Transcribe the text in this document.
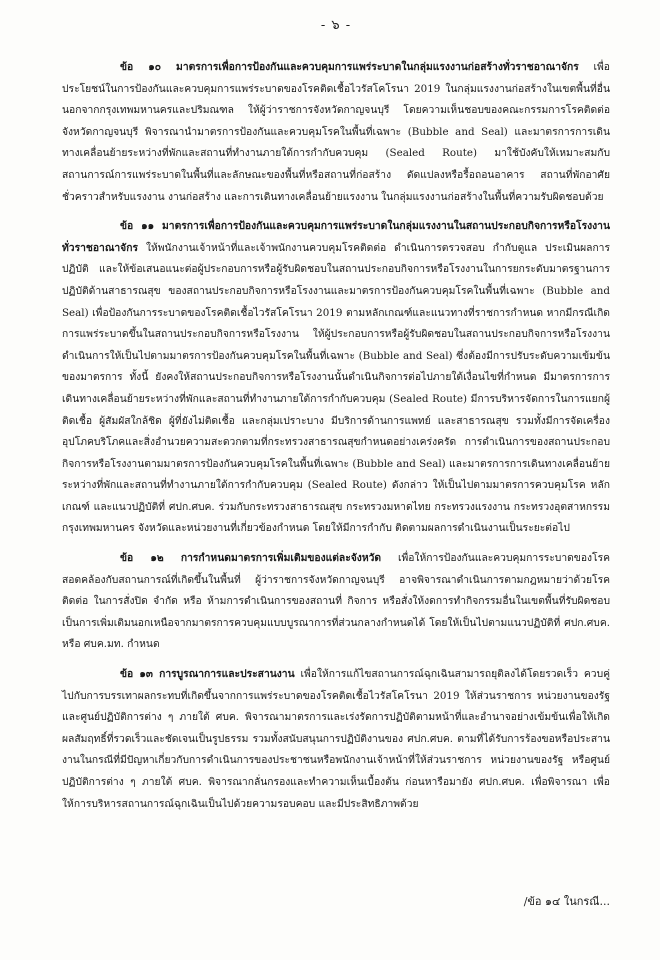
- ๖ -

ข้อ ๑๐ มาตรการเพื่อการป้องกันและควบคุมการแพร่ระบาดในกลุ่มแรงงานก่อสร้างทั่วราชอาณาจักร เพื่อประโยชน์ในการป้องกันและควบคุมการแพร่ระบาดของโรคติดเชื้อไวรัสโคโรนา 2019 ในกลุ่มแรงงานก่อสร้างในเขตพื้นที่อื่นนอกจากกรุงเทพมหานครและปริมณฑล ให้ผู้ว่าราชการจังหวัดกาญจนบุรี โดยความเห็นชอบของคณะกรรมการโรคติดต่อจังหวัดกาญจนบุรี พิจารณานำมาตรการป้องกันและควบคุมโรคในพื้นที่เฉพาะ (Bubble and Seal) และมาตรการการเดินทางเคลื่อนย้ายระหว่างที่พักและสถานที่ทำงานภายใต้การกำกับควบคุม (Sealed Route) มาใช้บังคับให้เหมาะสมกับสถานการณ์การแพร่ระบาดในพื้นที่และลักษณะของพื้นที่หรือสถานที่ก่อสร้าง ดัดแปลงหรือรื้อถอนอาคาร สถานที่พักอาศัยชั่วคราวสำหรับแรงงาน งานก่อสร้าง และการเดินทางเคลื่อนย้ายแรงงาน ในกลุ่มแรงงานก่อสร้างในพื้นที่ความรับผิดชอบด้วย

ข้อ ๑๑ มาตรการเพื่อการป้องกันและควบคุมการแพร่ระบาดในกลุ่มแรงงานในสถานประกอบกิจการหรือโรงงานทั่วราชอาณาจักร ให้พนักงานเจ้าหน้าที่และเจ้าพนักงานควบคุมโรคติดต่อ ดำเนินการตรวจสอบ กำกับดูแล ประเมินผลการปฏิบัติ และให้ข้อเสนอแนะต่อผู้ประกอบการหรือผู้รับผิดชอบในสถานประกอบกิจการหรือโรงงานในการยกระดับมาตรฐานการปฏิบัติด้านสาธารณสุข ของสถานประกอบกิจการหรือโรงงานและมาตรการป้องกันควบคุมโรคในพื้นที่เฉพาะ (Bubble and Seal) เพื่อป้องกันการระบาดของโรคติดเชื้อไวรัสโคโรนา 2019 ตามหลักเกณฑ์และแนวทางที่ราชการกำหนด หากมีกรณีเกิดการแพร่ระบาดขึ้นในสถานประกอบกิจการหรือโรงงาน ให้ผู้ประกอบการหรือผู้รับผิดชอบในสถานประกอบกิจการหรือโรงงานดำเนินการให้เป็นไปตามมาตรการป้องกันควบคุมโรคในพื้นที่เฉพาะ (Bubble and Seal) ซึ่งต้องมีการปรับระดับความเข้มข้นของมาตรการ ทั้งนี้ ยังคงให้สถานประกอบกิจการหรือโรงงานนั้นดำเนินกิจการต่อไปภายใต้เงื่อนไขที่กำหนด มีมาตรการการเดินทางเคลื่อนย้ายระหว่างที่พักและสถานที่ทำงานภายใต้การกำกับควบคุม (Sealed Route) มีการบริหารจัดการในการแยกผู้ติดเชื้อ ผู้สัมผัสใกล้ชิด ผู้ที่ยังไม่ติดเชื้อ และกลุ่มเปราะบาง มีบริการด้านการแพทย์ และสาธารณสุข รวมทั้งมีการจัดเครื่องอุปโภคบริโภคและสิ่งอำนวยความสะดวกตามที่กระทรวงสาธารณสุขกำหนดอย่างเคร่งครัด การดำเนินการของสถานประกอบกิจการหรือโรงงานตามมาตรการป้องกันควบคุมโรคในพื้นที่เฉพาะ (Bubble and Seal) และมาตรการการเดินทางเคลื่อนย้ายระหว่างที่พักและสถานที่ทำงานภายใต้การกำกับควบคุม (Sealed Route) ดังกล่าว ให้เป็นไปตามมาตรการควบคุมโรค หลักเกณฑ์ และแนวปฏิบัติที่ ศปก.ศบค. ร่วมกับกระทรวงสาธารณสุข กระทรวงมหาดไทย กระทรวงแรงงาน กระทรวงอุตสาหกรรม กรุงเทพมหานคร จังหวัดและหน่วยงานที่เกี่ยวข้องกำหนด โดยให้มีการกำกับ ติดตามผลการดำเนินงานเป็นระยะต่อไป

ข้อ ๑๒ การกำหนดมาตรการเพิ่มเติมของแต่ละจังหวัด เพื่อให้การป้องกันและควบคุมการระบาดของโรคสอดคล้องกับสถานการณ์ที่เกิดขึ้นในพื้นที่ ผู้ว่าราชการจังหวัดกาญจนบุรี อาจพิจารณาดำเนินการตามกฎหมายว่าด้วยโรคติดต่อ ในการสั่งปิด จำกัด หรือ ห้ามการดำเนินการของสถานที่ กิจการ หรือสั่งให้งดการทำกิจกรรมอื่นในเขตพื้นที่รับผิดชอบ เป็นการเพิ่มเติมนอกเหนือจากมาตรการควบคุมแบบบูรณาการที่ส่วนกลางกำหนดได้ โดยให้เป็นไปตามแนวปฏิบัติที่ ศปก.ศบค. หรือ ศบค.มท. กำหนด

ข้อ ๑๓ การบูรณาการและประสานงาน เพื่อให้การแก้ไขสถานการณ์ฉุกเฉินสามารถยุติลงได้โดยรวดเร็ว ควบคู่ไปกับการบรรเทาผลกระทบที่เกิดขึ้นจากการแพร่ระบาดของโรคติดเชื้อไวรัสโคโรนา 2019 ให้ส่วนราชการ หน่วยงานของรัฐ และศูนย์ปฏิบัติการต่าง ๆ ภายใต้ ศบค. พิจารณามาตรการและเร่งรัดการปฏิบัติตามหน้าที่และอำนาจอย่างเข้มข้นเพื่อให้เกิดผลสัมฤทธิ์ที่รวดเร็วและชัดเจนเป็นรูปธรรม รวมทั้งสนับสนุนการปฏิบัติงานของ ศปก.ศบค. ตามที่ได้รับการร้องขอหรือประสานงานในกรณีที่มีปัญหาเกี่ยวกับการดำเนินการของประชาชนหรือพนักงานเจ้าหน้าที่ให้ส่วนราชการ หน่วยงานของรัฐ หรือศูนย์ปฏิบัติการต่าง ๆ ภายใต้ ศบค. พิจารณากลั่นกรองและทำความเห็นเบื้องต้น ก่อนหารือมายัง ศปก.ศบค. เพื่อพิจารณา เพื่อให้การบริหารสถานการณ์ฉุกเฉินเป็นไปด้วยความรอบคอบ และมีประสิทธิภาพด้วย

/ข้อ ๑๔ ในกรณี...
